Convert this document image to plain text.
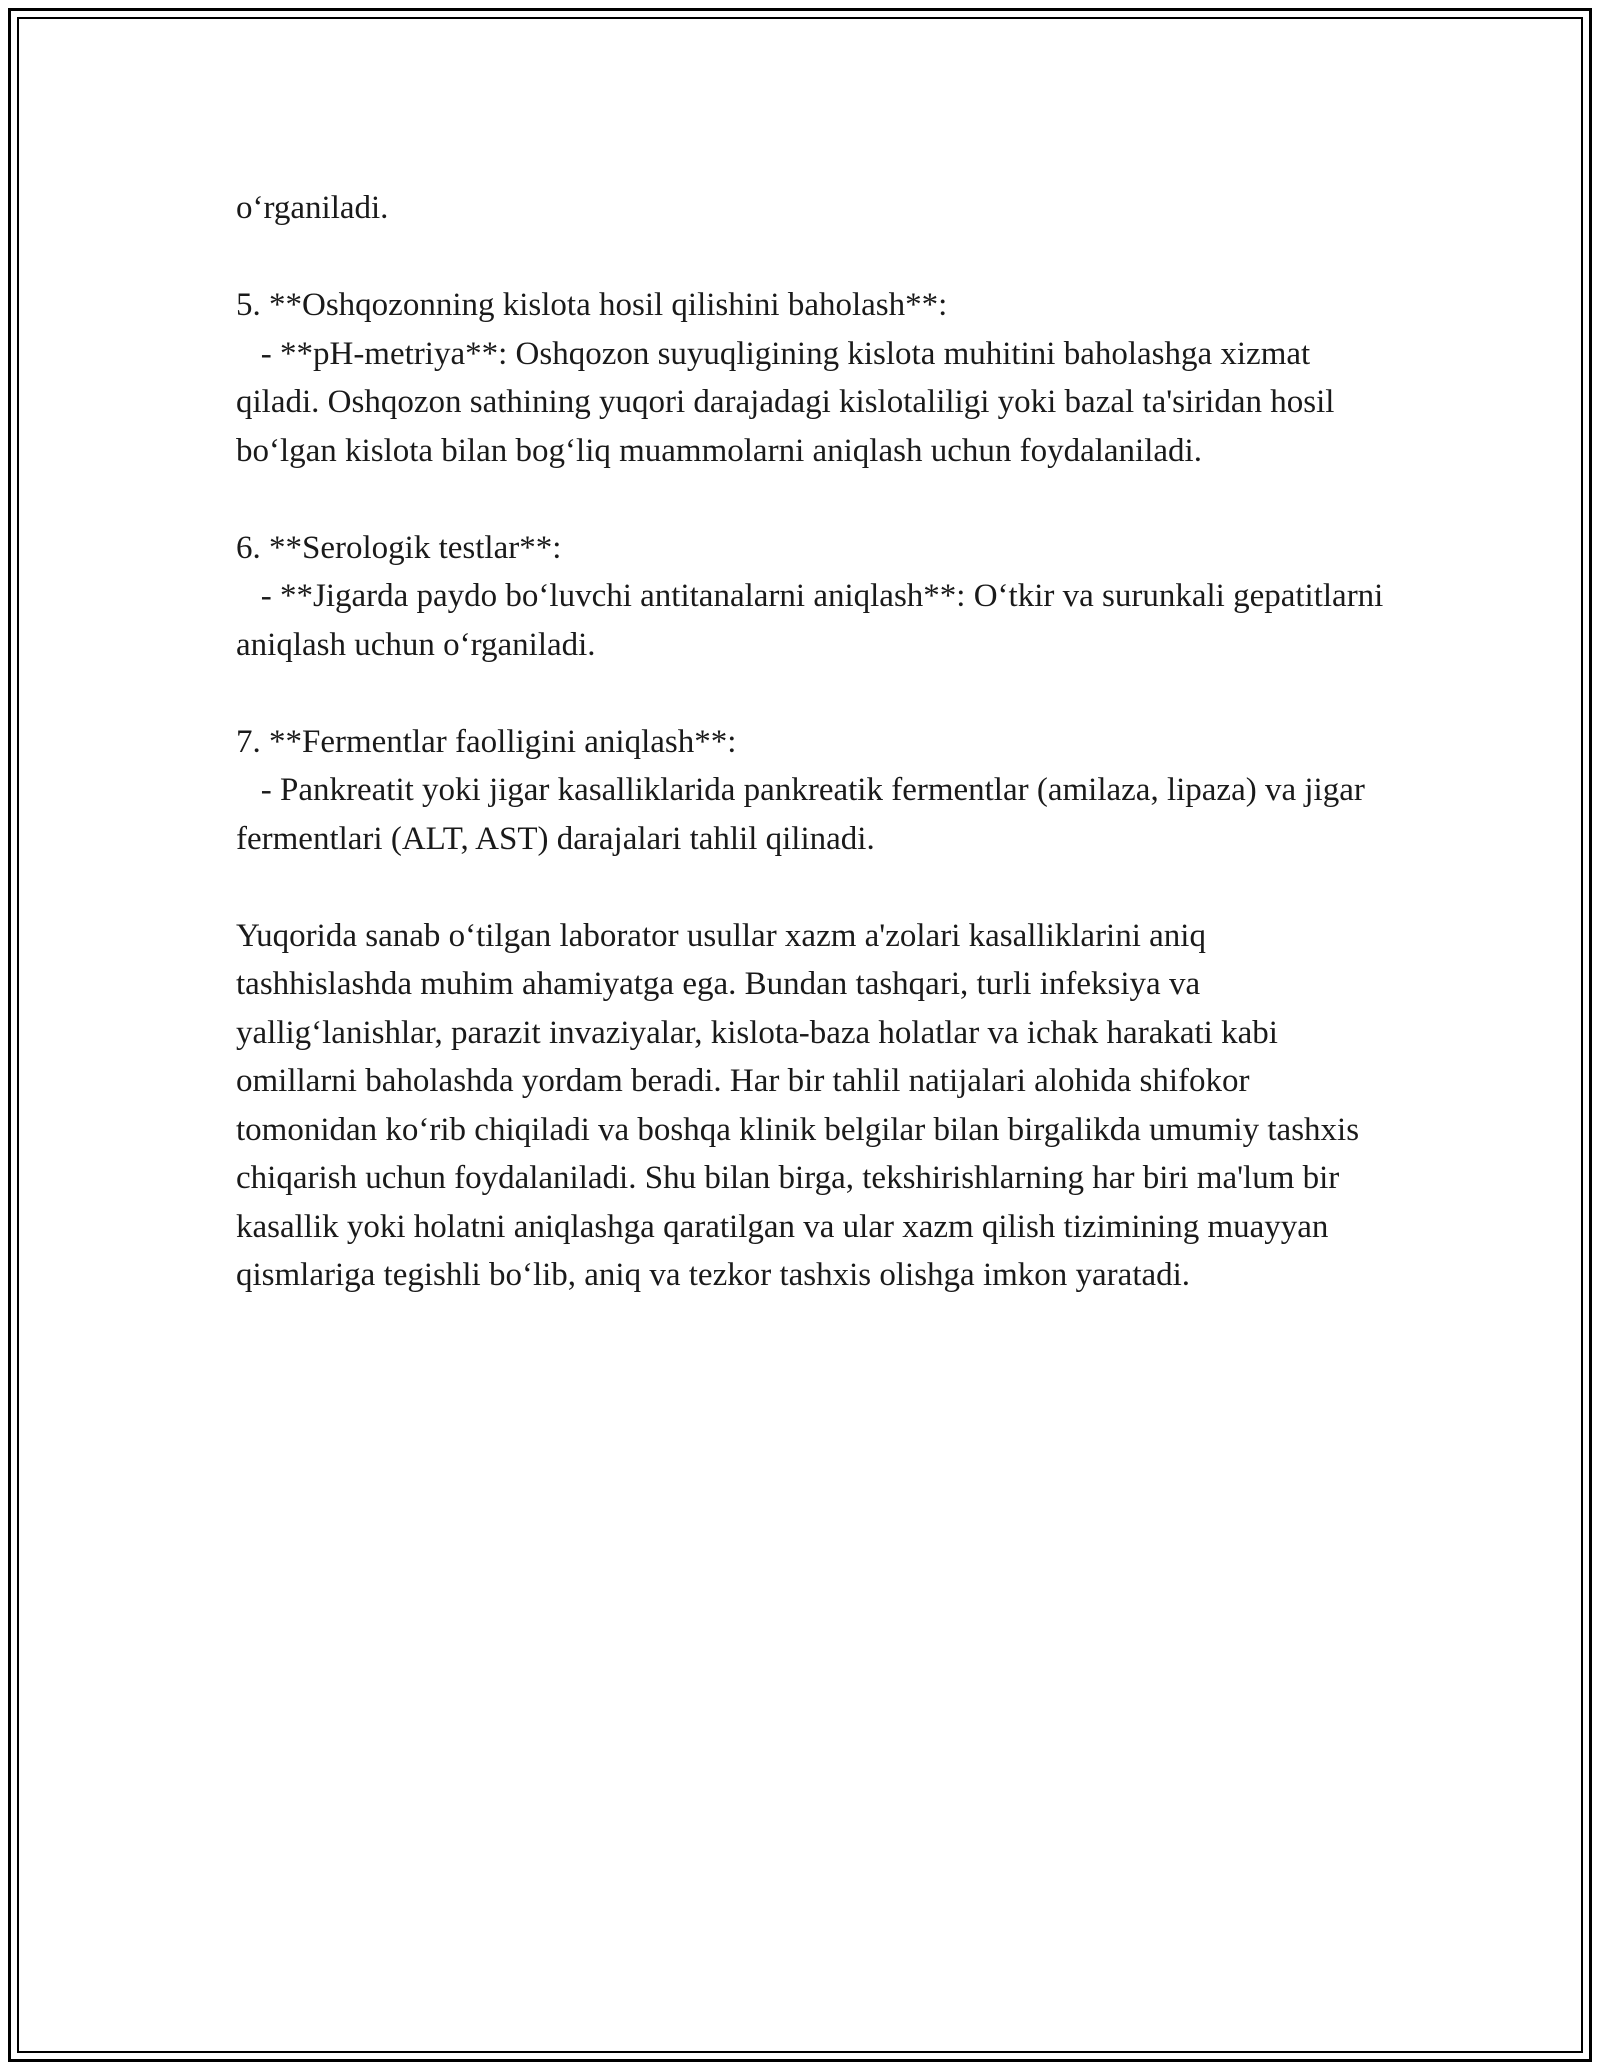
o‘rganiladi.

5. **Oshqozonning kislota hosil qilishini baholash**:

- **pH-metriya**: Oshqozon suyuqligining kislota muhitini baholashga xizmat qiladi. Oshqozon sathining yuqori darajadagi kislotaliligi yoki bazal ta'siridan hosil bo‘lgan kislota bilan bog‘liq muammolarni aniqlash uchun foydalaniladi.

6. **Serologik testlar**:

- **Jigarda paydo bo‘luvchi antitanalarni aniqlash**: O‘tkir va surunkali gepatitlarni aniqlash uchun o‘rganiladi.

7. **Fermentlar faolligini aniqlash**:

- Pankreatit yoki jigar kasalliklarida pankreatik fermentlar (amilaza, lipaza) va jigar fermentlari (ALT, AST) darajalari tahlil qilinadi.

Yuqorida sanab o‘tilgan laborator usullar xazm a'zolari kasalliklarini aniq tashhislashda muhim ahamiyatga ega. Bundan tashqari, turli infeksiya va yallig‘lanishlar, parazit invaziyalar, kislota-baza holatlar va ichak harakati kabi omillarni baholashda yordam beradi. Har bir tahlil natijalari alohida shifokor tomonidan ko‘rib chiqiladi va boshqa klinik belgilar bilan birgalikda umumiy tashxis chiqarish uchun foydalaniladi. Shu bilan birga, tekshirishlarning har biri ma'lum bir kasallik yoki holatni aniqlashga qaratilgan va ular xazm qilish tizimining muayyan qismlariga tegishli bo‘lib, aniq va tezkor tashxis olishga imkon yaratadi.
